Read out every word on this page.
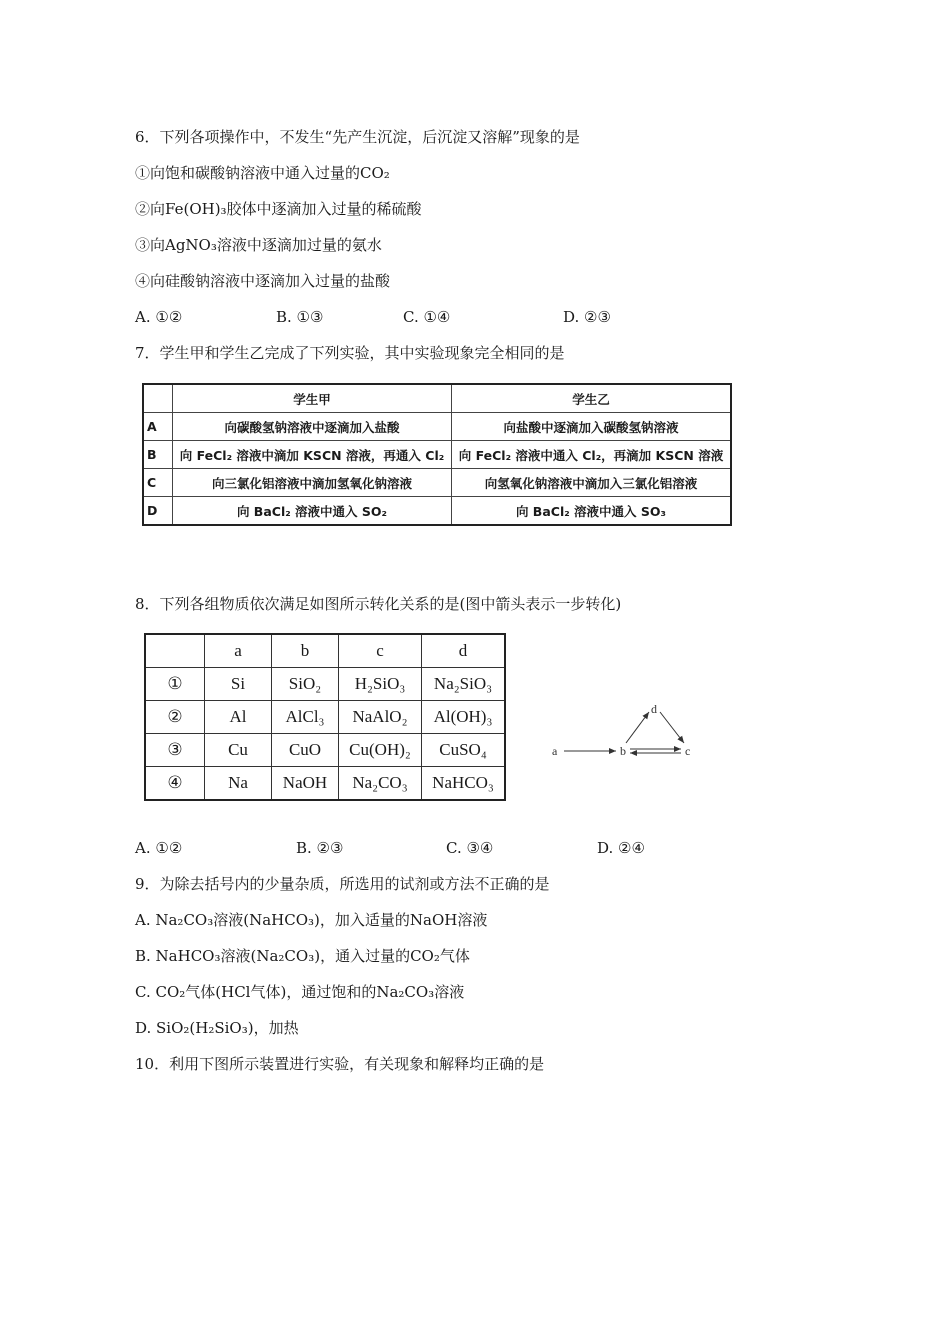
6．下列各项操作中，不发生“先产生沉淀，后沉淀又溶解”现象的是
①向饱和碳酸钠溶液中通入过量的CO₂
②向Fe(OH)₃胶体中逐滴加入过量的稀硫酸
③向AgNO₃溶液中逐滴加过量的氨水
④向硅酸钠溶液中逐滴加入过量的盐酸
A. ①②	B. ①③	C. ①④	D. ②③
7．学生甲和学生乙完成了下列实验，其中实验现象完全相同的是
	学生甲	学生乙
A	向碳酸氢钠溶液中逐滴加入盐酸	向盐酸中逐滴加入碳酸氢钠溶液
B	向 FeCl₂ 溶液中滴加 KSCN 溶液，再通入 Cl₂	向 FeCl₂ 溶液中通入 Cl₂，再滴加 KSCN 溶液
C	向三氯化铝溶液中滴加氢氧化钠溶液	向氢氧化钠溶液中滴加入三氯化铝溶液
D	向 BaCl₂ 溶液中通入 SO₂	向 BaCl₂ 溶液中通入 SO₃
8．下列各组物质依次满足如图所示转化关系的是(图中箭头表示一步转化)
	a	b	c	d
①	Si	SiO₂	H₂SiO₃	Na₂SiO₃
②	Al	AlCl₃	NaAlO₂	Al(OH)₃
③	Cu	CuO	Cu(OH)₂	CuSO₄
④	Na	NaOH	Na₂CO₃	NaHCO₃
a	b	c
d
A. ①②	B. ②③	C. ③④	D. ②④
9．为除去括号内的少量杂质，所选用的试剂或方法不正确的是
A. Na₂CO₃溶液(NaHCO₃)，加入适量的NaOH溶液
B. NaHCO₃溶液(Na₂CO₃)，通入过量的CO₂气体
C. CO₂气体(HCl气体)，通过饱和的Na₂CO₃溶液
D. SiO₂(H₂SiO₃)，加热
10．利用下图所示装置进行实验，有关现象和解释均正确的是
